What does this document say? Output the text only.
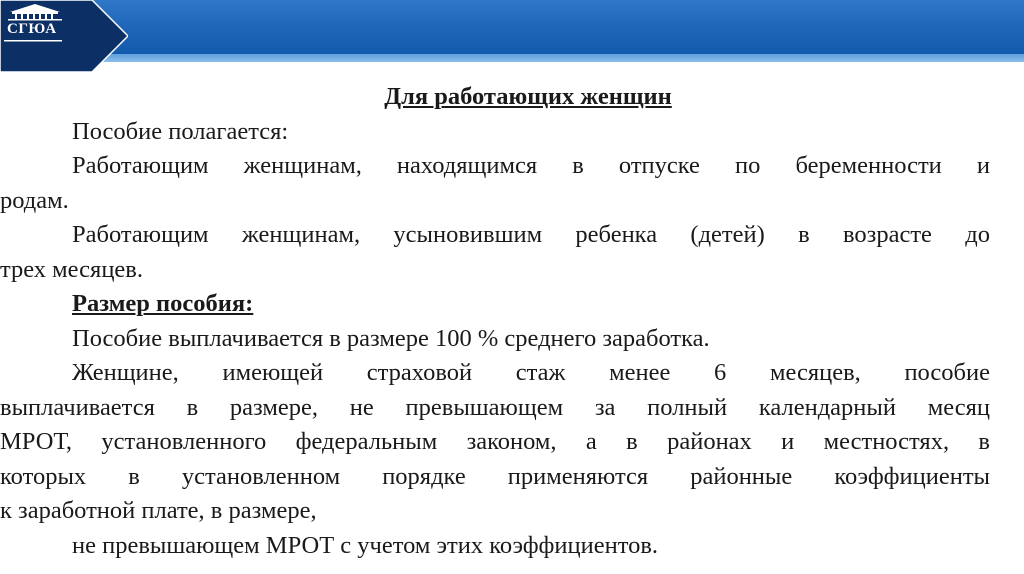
СГЮА
Для работающих женщин
Пособие полагается:
Работающим женщинам, находящимся в отпуске по беременности и
родам.
Работающим женщинам, усыновившим ребенка (детей) в возрасте до
трех месяцев.
Размер пособия:
Пособие выплачивается в размере 100 % среднего заработка.
Женщине, имеющей страховой стаж менее 6 месяцев, пособие
выплачивается в размере, не превышающем за полный календарный месяц
МРОТ, установленного федеральным законом, а в районах и местностях, в
которых в установленном порядке применяются районные коэффициенты
к заработной плате, в размере,
не превышающем МРОТ с учетом этих коэффициентов.
